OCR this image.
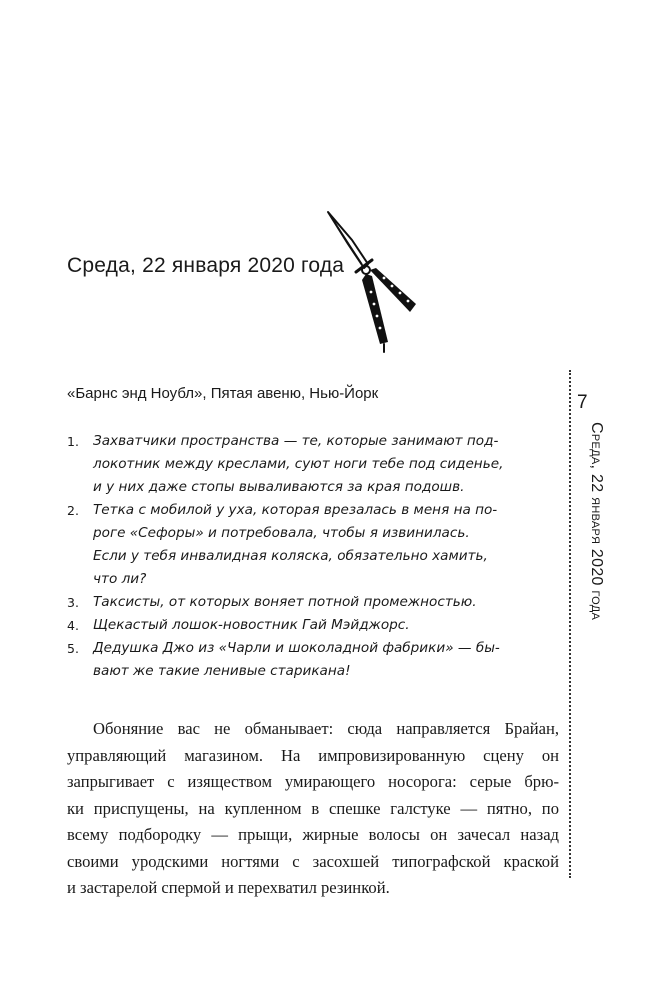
Среда, 22 января 2020 года
«Барнс энд Ноубл», Пятая авеню, Нью-Йорк
1. Захватчики пространства — те, которые занимают под-
локотник между креслами, суют ноги тебе под сиденье,
и у них даже стопы вываливаются за края подошв.
2. Тетка с мобилой у уха, которая врезалась в меня на по-
роге «Сефоры» и потребовала, чтобы я извинилась.
Если у тебя инвалидная коляска, обязательно хамить,
что ли?
3. Таксисты, от которых воняет потной промежностью.
4. Щекастый лошок-новостник Гай Мэйджорс.
5. Дедушка Джо из «Чарли и шоколадной фабрики» — бы-
вают же такие ленивые старикана!

Обоняние вас не обманывает: сюда направляется Брайан,
управляющий магазином. На импровизированную сцену он
запрыгивает с изяществом умирающего носорога: серые брю-
ки приспущены, на купленном в спешке галстуке — пятно, по
всему подбородку — прыщи, жирные волосы он зачесал назад
своими уродскими ногтями с засохшей типографской краской
и застарелой спермой и перехватил резинкой.

7
Среда, 22 января 2020 года
